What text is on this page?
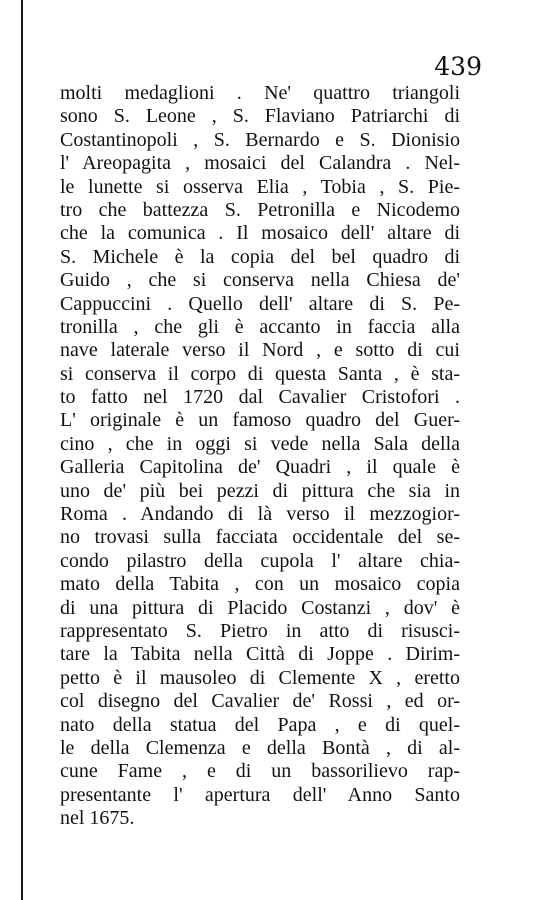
439
molti medaglioni . Ne' quattro triangoli
sono S. Leone , S. Flaviano Patriarchi di
Costantinopoli , S. Bernardo e S. Dionisio
l' Areopagita , mosaici del Calandra . Nel-
le lunette si osserva Elia , Tobia , S. Pie-
tro che battezza S. Petronilla e Nicodemo
che la comunica . Il mosaico dell' altare di
S. Michele è la copia del bel quadro di
Guido , che si conserva nella Chiesa de'
Cappuccini . Quello dell' altare di S. Pe-
tronilla , che gli è accanto in faccia alla
nave laterale verso il Nord , e sotto di cui
si conserva il corpo di questa Santa , è sta-
to fatto nel 1720 dal Cavalier Cristofori .
L' originale è un famoso quadro del Guer-
cino , che in oggi si vede nella Sala della
Galleria Capitolina de' Quadri , il quale è
uno de' più bei pezzi di pittura che sia in
Roma . Andando di là verso il mezzogior-
no trovasi sulla facciata occidentale del se-
condo pilastro della cupola l' altare chia-
mato della Tabita , con un mosaico copia
di una pittura di Placido Costanzi , dov' è
rappresentato S. Pietro in atto di risusci-
tare la Tabita nella Città di Joppe . Dirim-
petto è il mausoleo di Clemente X , eretto
col disegno del Cavalier de' Rossi , ed or-
nato della statua del Papa , e di quel-
le della Clemenza e della Bontà , di al-
cune Fame , e di un bassorilievo rap-
presentante l' apertura dell' Anno Santo
nel 1675.
